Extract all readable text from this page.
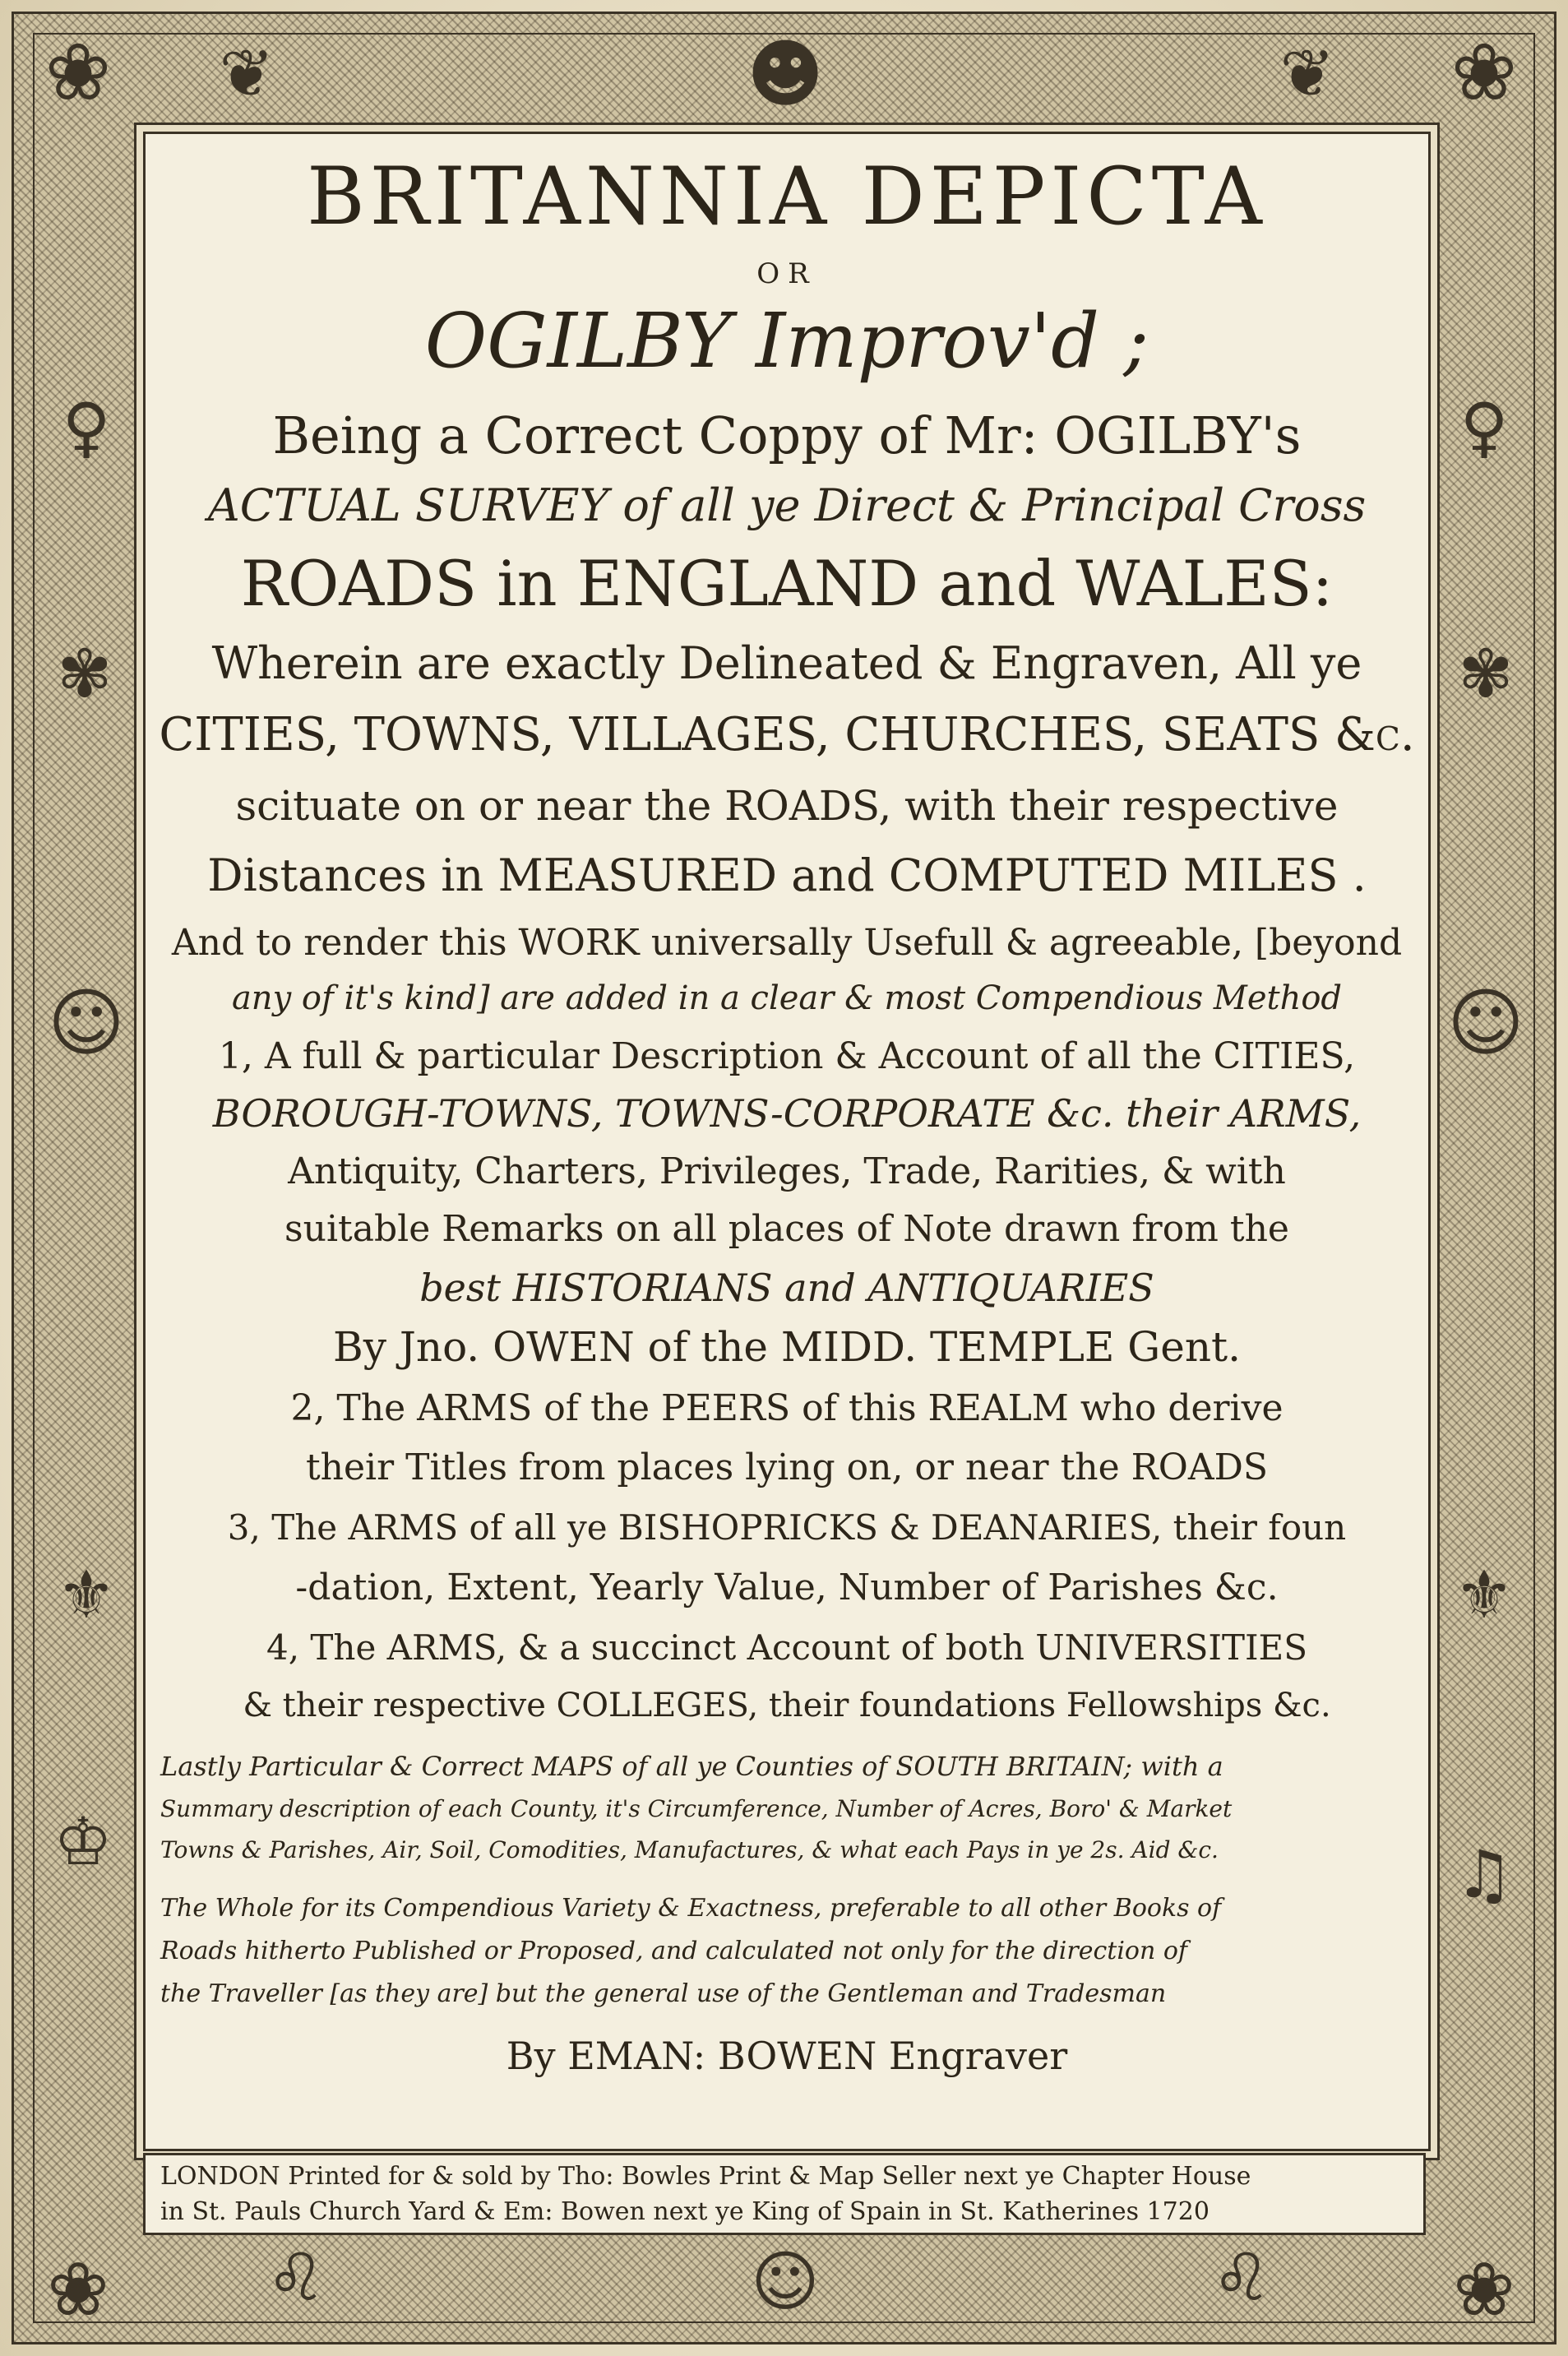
☻
❦	❦
❀	❀
✾	✾
♀	♀
☺	☺
⚜	⚜
♔	♫
♌	♌
☺
❀	❀
BRITANNIA DEPICTA
OR
OGILBY Improv'd ;
Being a Correct Coppy of Mr: OGILBY's
ACTUAL SURVEY of all ye Direct & Principal Cross
ROADS in ENGLAND and WALES:
Wherein are exactly Delineated & Engraven, All ye
CITIES, TOWNS, VILLAGES, CHURCHES, SEATS &c.
scituate on or near the ROADS, with their respective
Distances in MEASURED and COMPUTED MILES .
And to render this WORK universally Usefull & agreeable, [beyond
any of it's kind] are added in a clear & most Compendious Method
1, A full & particular Description & Account of all the CITIES,
BOROUGH-TOWNS, TOWNS-CORPORATE &c. their ARMS,
Antiquity, Charters, Privileges, Trade, Rarities, & with
suitable Remarks on all places of Note drawn from the
best HISTORIANS and ANTIQUARIES
By Jno. OWEN of the MIDD. TEMPLE Gent.
2, The ARMS of the PEERS of this REALM who derive
their Titles from places lying on, or near the ROADS
3, The ARMS of all ye BISHOPRICKS & DEANARIES, their foun
-dation, Extent, Yearly Value, Number of Parishes &c.
4, The ARMS, & a succinct Account of both UNIVERSITIES
& their respective COLLEGES, their foundations Fellowships &c.
Lastly Particular & Correct MAPS of all ye Counties of SOUTH BRITAIN; with a
Summary description of each County, it's Circumference, Number of Acres, Boro' & Market
Towns & Parishes, Air, Soil, Comodities, Manufactures, & what each Pays in ye 2s. Aid &c.
The Whole for its Compendious Variety & Exactness, preferable to all other Books of
Roads hitherto Published or Proposed, and calculated not only for the direction of
the Traveller [as they are] but the general use of the Gentleman and Tradesman
By EMAN: BOWEN Engraver
LONDON Printed for & sold by Tho: Bowles Print & Map Seller next ye Chapter House
in St. Pauls Church Yard & Em: Bowen next ye King of Spain in St. Katherines 1720
